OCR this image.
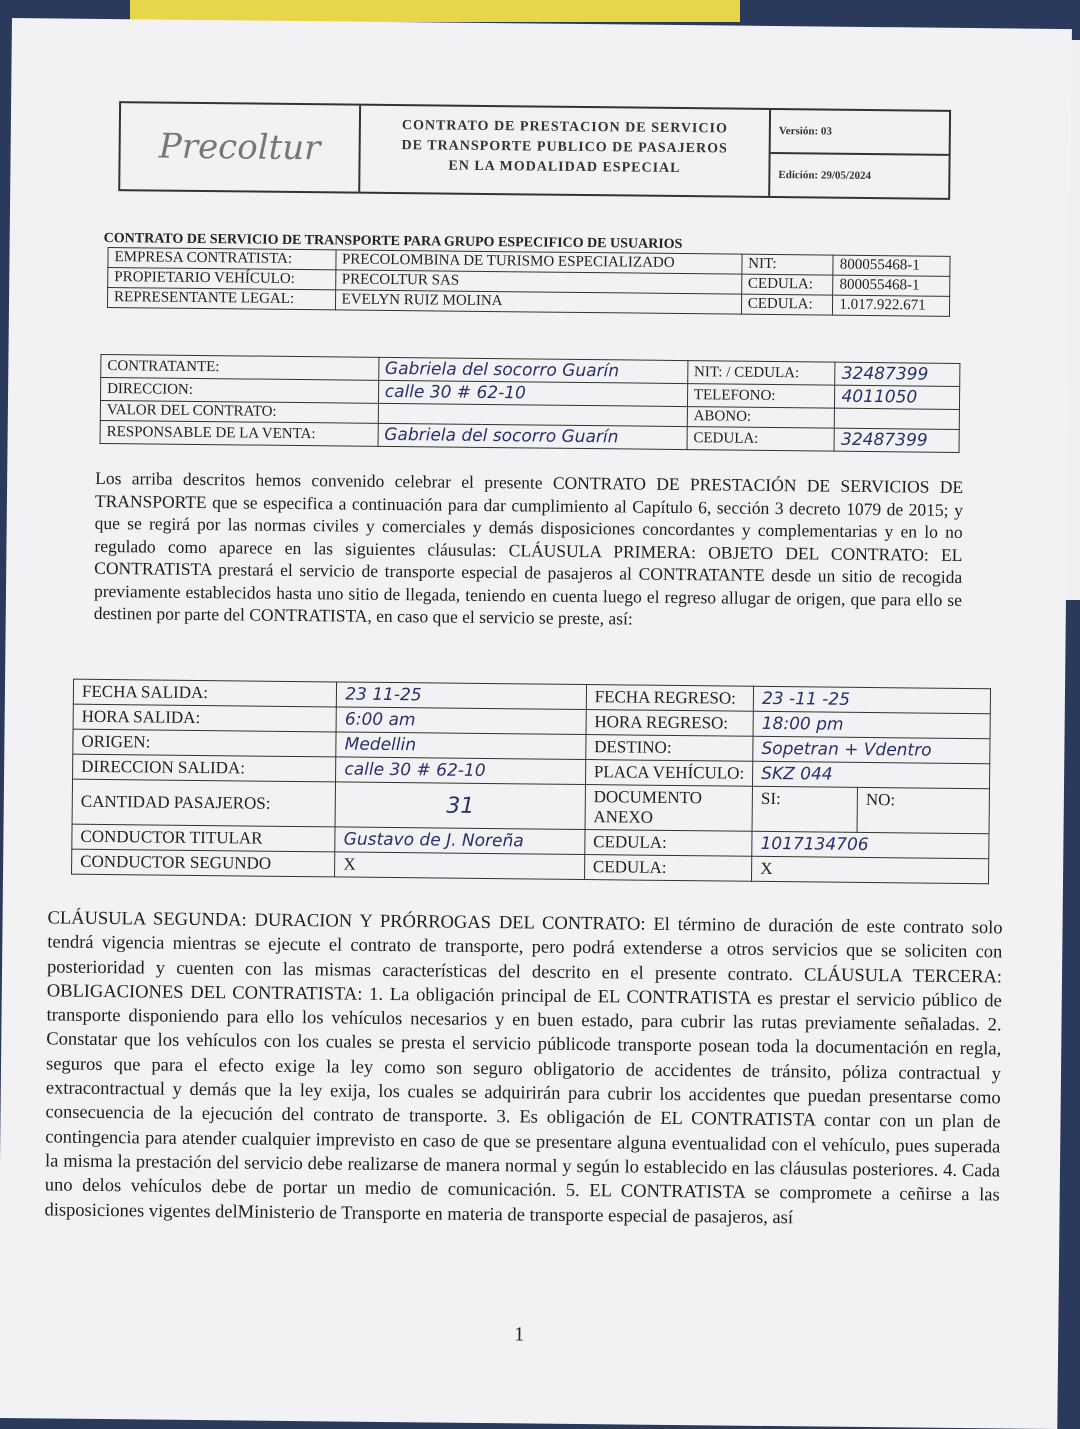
Precoltur	CONTRATO DE PRESTACION DE SERVICIO
DE TRANSPORTE PUBLICO DE PASAJEROS
EN LA MODALIDAD ESPECIAL
Versión: 03
Edición: 29/05/2024
CONTRATO DE SERVICIO DE TRANSPORTE PARA GRUPO ESPECIFICO DE USUARIOS
EMPRESA CONTRATISTA:	PRECOLOMBINA DE TURISMO ESPECIALIZADO	NIT:	800055468-1
PROPIETARIO VEHÍCULO:	PRECOLTUR SAS	CEDULA:	800055468-1
REPRESENTANTE LEGAL:	EVELYN RUIZ MOLINA	CEDULA:	1.017.922.671
CONTRATANTE:	Gabriela del socorro Guarín	NIT: / CEDULA:	32487399
DIRECCION:	calle 30 # 62-10	TELEFONO:	4011050
VALOR DEL CONTRATO:		ABONO:	
RESPONSABLE DE LA VENTA:	Gabriela del socorro Guarín	CEDULA:	32487399
Los arriba descritos hemos convenido celebrar el presente CONTRATO DE PRESTACIÓN DE SERVICIOS DE TRANSPORTE que se especifica a continuación para dar cumplimiento al Capítulo 6, sección 3 decreto 1079 de 2015; y que se regirá por las normas civiles y comerciales y demás disposiciones concordantes y complementarias y en lo no regulado como aparece en las siguientes cláusulas: CLÁUSULA PRIMERA: OBJETO DEL CONTRATO: EL CONTRATISTA prestará el servicio de transporte especial de pasajeros al CONTRATANTE desde un sitio de recogida previamente establecidos hasta uno sitio de llegada, teniendo en cuenta luego el regreso allugar de origen, que para ello se destinen por parte del CONTRATISTA, en caso que el servicio se preste, así:
FECHA SALIDA:	23 11-25	FECHA REGRESO:	23 -11 -25	
HORA SALIDA:	6:00 am	HORA REGRESO:	18:00 pm	
ORIGEN:	Medellin	DESTINO:	Sopetran + Vdentro	
DIRECCION SALIDA:	calle 30 # 62-10	PLACA VEHÍCULO:	SKZ 044	
CANTIDAD PASAJEROS:	31	DOCUMENTO ANEXO	SI:	NO:
CONDUCTOR TITULAR	Gustavo de J. Noreña	CEDULA:	1017134706	
CONDUCTOR SEGUNDO	X	CEDULA:	X	
CLÁUSULA SEGUNDA: DURACION Y PRÓRROGAS DEL CONTRATO: El término de duración de este contrato solo tendrá vigencia mientras se ejecute el contrato de transporte, pero podrá extenderse a otros servicios que se soliciten con posterioridad y cuenten con las mismas características del descrito en el presente contrato. CLÁUSULA TERCERA: OBLIGACIONES DEL CONTRATISTA: 1. La obligación principal de EL CONTRATISTA es prestar el servicio público de transporte disponiendo para ello los vehículos necesarios y en buen estado, para cubrir las rutas previamente señaladas. 2. Constatar que los vehículos con los cuales se presta el servicio públicode transporte posean toda la documentación en regla, seguros que para el efecto exige la ley como son seguro obligatorio de accidentes de tránsito, póliza contractual y extracontractual y demás que la ley exija, los cuales se adquirirán para cubrir los accidentes que puedan presentarse como consecuencia de la ejecución del contrato de transporte. 3. Es obligación de EL CONTRATISTA contar con un plan de contingencia para atender cualquier imprevisto en caso de que se presentare alguna eventualidad con el vehículo, pues superada la misma la prestación del servicio debe realizarse de manera normal y según lo establecido en las cláusulas posteriores. 4. Cada uno delos vehículos debe de portar un medio de comunicación. 5. EL CONTRATISTA se compromete a ceñirse a las disposiciones vigentes delMinisterio de Transporte en materia de transporte especial de pasajeros, así
1
